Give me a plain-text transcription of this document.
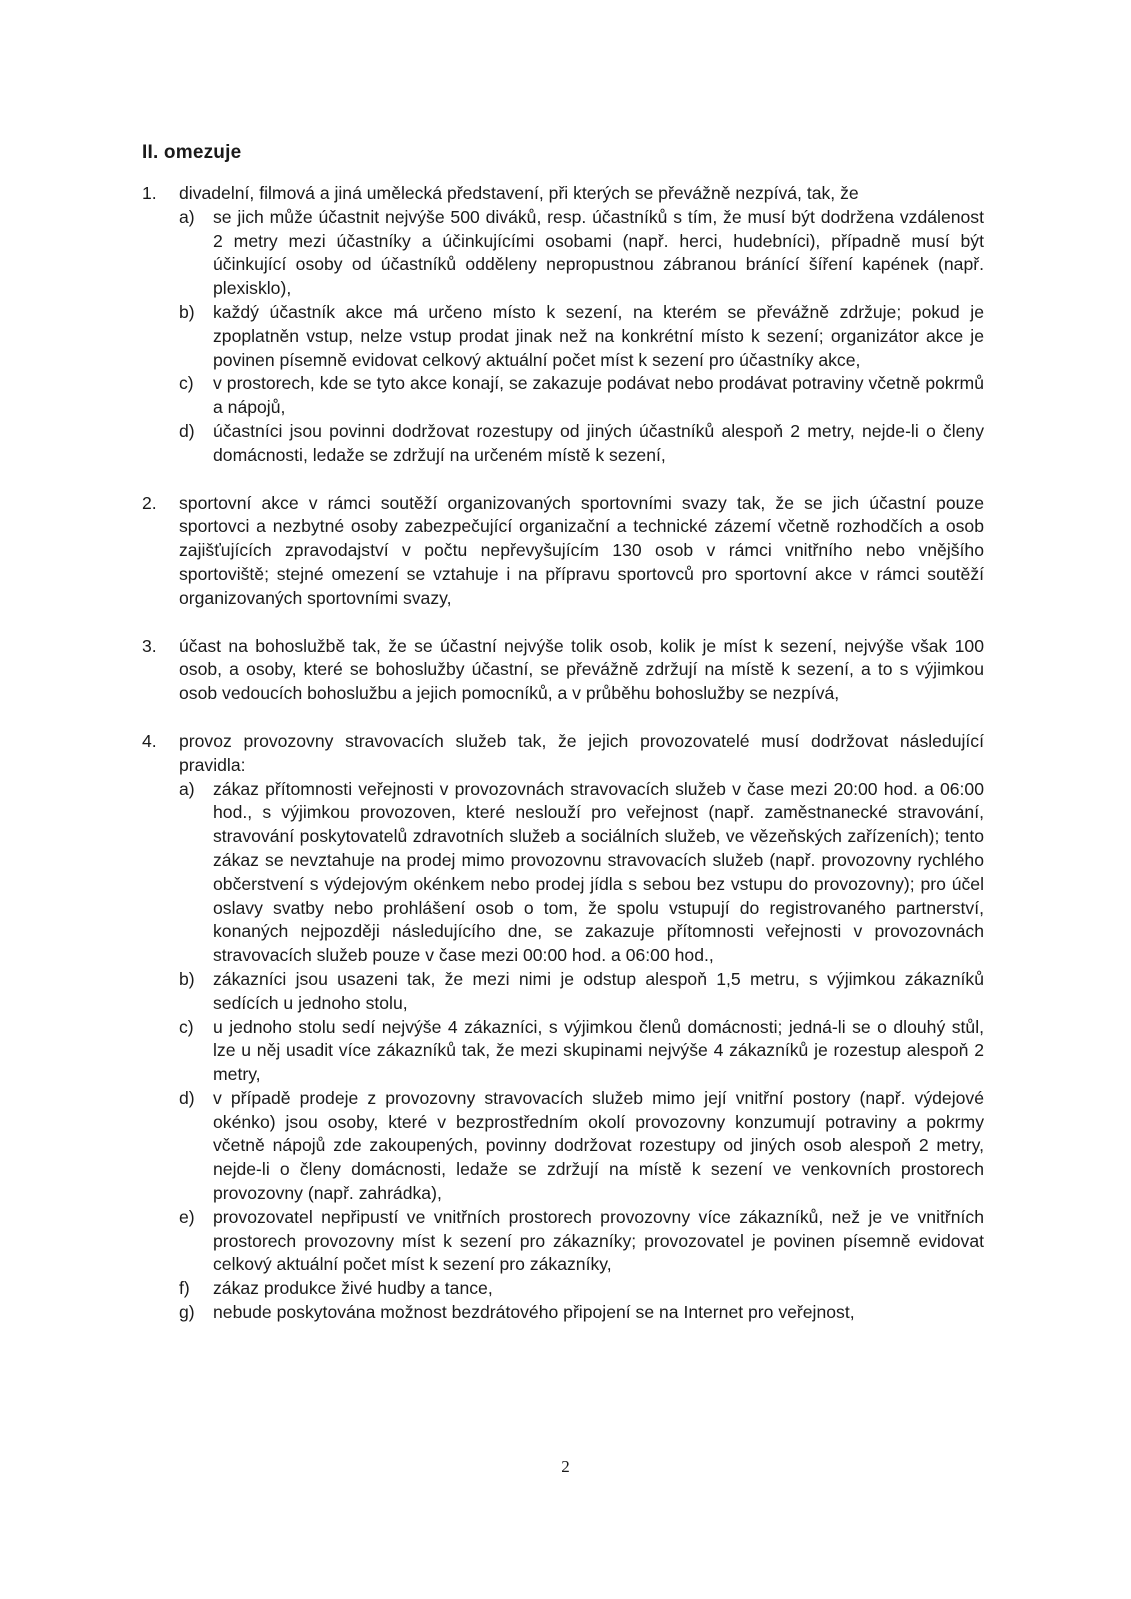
II. omezuje
1.	divadelní, filmová a jiná umělecká představení, při kterých se převážně nezpívá, tak, že
a)	se jich může účastnit nejvýše 500 diváků, resp. účastníků s tím, že musí být dodržena vzdálenost 2 metry mezi účastníky a účinkujícími osobami (např. herci, hudebníci), případně musí být účinkující osoby od účastníků odděleny nepropustnou zábranou bránící šíření kapének (např. plexisklo),
b)	každý účastník akce má určeno místo k sezení, na kterém se převážně zdržuje; pokud je zpoplatněn vstup, nelze vstup prodat jinak než na konkrétní místo k sezení; organizátor akce je povinen písemně evidovat celkový aktuální počet míst k sezení pro účastníky akce,
c)	v prostorech, kde se tyto akce konají, se zakazuje podávat nebo prodávat potraviny včetně pokrmů a nápojů,
d)	účastníci jsou povinni dodržovat rozestupy od jiných účastníků alespoň 2 metry, nejde-li o členy domácnosti, ledaže se zdržují na určeném místě k sezení,
2.	sportovní akce v rámci soutěží organizovaných sportovními svazy tak, že se jich účastní pouze sportovci a nezbytné osoby zabezpečující organizační a technické zázemí včetně rozhodčích a osob zajišťujících zpravodajství v počtu nepřevyšujícím 130 osob v rámci vnitřního nebo vnějšího sportoviště; stejné omezení se vztahuje i na přípravu sportovců pro sportovní akce v rámci soutěží organizovaných sportovními svazy,
3.	účast na bohoslužbě tak, že se účastní nejvýše tolik osob, kolik je míst k sezení, nejvýše však 100 osob, a osoby, které se bohoslužby účastní, se převážně zdržují na místě k sezení, a to s výjimkou osob vedoucích bohoslužbu a jejich pomocníků, a v průběhu bohoslužby se nezpívá,
4.	provoz provozovny stravovacích služeb tak, že jejich provozovatelé musí dodržovat následující pravidla:
a)	zákaz přítomnosti veřejnosti v provozovnách stravovacích služeb v čase mezi 20:00 hod. a 06:00 hod., s výjimkou provozoven, které neslouží pro veřejnost (např. zaměstnanecké stravování, stravování poskytovatelů zdravotních služeb a sociálních služeb, ve vězeňských zařízeních); tento zákaz se nevztahuje na prodej mimo provozovnu stravovacích služeb (např. provozovny rychlého občerstvení s výdejovým okénkem nebo prodej jídla s sebou bez vstupu do provozovny); pro účel oslavy svatby nebo prohlášení osob o tom, že spolu vstupují do registrovaného partnerství, konaných nejpozději následujícího dne, se zakazuje přítomnosti veřejnosti v provozovnách stravovacích služeb pouze v čase mezi 00:00 hod. a 06:00 hod.,
b)	zákazníci jsou usazeni tak, že mezi nimi je odstup alespoň 1,5 metru, s výjimkou zákazníků sedících u jednoho stolu,
c)	u jednoho stolu sedí nejvýše 4 zákazníci, s výjimkou členů domácnosti; jedná-li se o dlouhý stůl, lze u něj usadit více zákazníků tak, že mezi skupinami nejvýše 4 zákazníků je rozestup alespoň 2 metry,
d)	v případě prodeje z provozovny stravovacích služeb mimo její vnitřní postory (např. výdejové okénko) jsou osoby, které v bezprostředním okolí provozovny konzumují potraviny a pokrmy včetně nápojů zde zakoupených, povinny dodržovat rozestupy od jiných osob alespoň 2 metry, nejde-li o členy domácnosti, ledaže se zdržují na místě k sezení ve venkovních prostorech provozovny (např. zahrádka),
e)	provozovatel nepřipustí ve vnitřních prostorech provozovny více zákazníků, než je ve vnitřních prostorech provozovny míst k sezení pro zákazníky; provozovatel je povinen písemně evidovat celkový aktuální počet míst k sezení pro zákazníky,
f)	zákaz produkce živé hudby a tance,
g)	nebude poskytována možnost bezdrátového připojení se na Internet pro veřejnost,
2
